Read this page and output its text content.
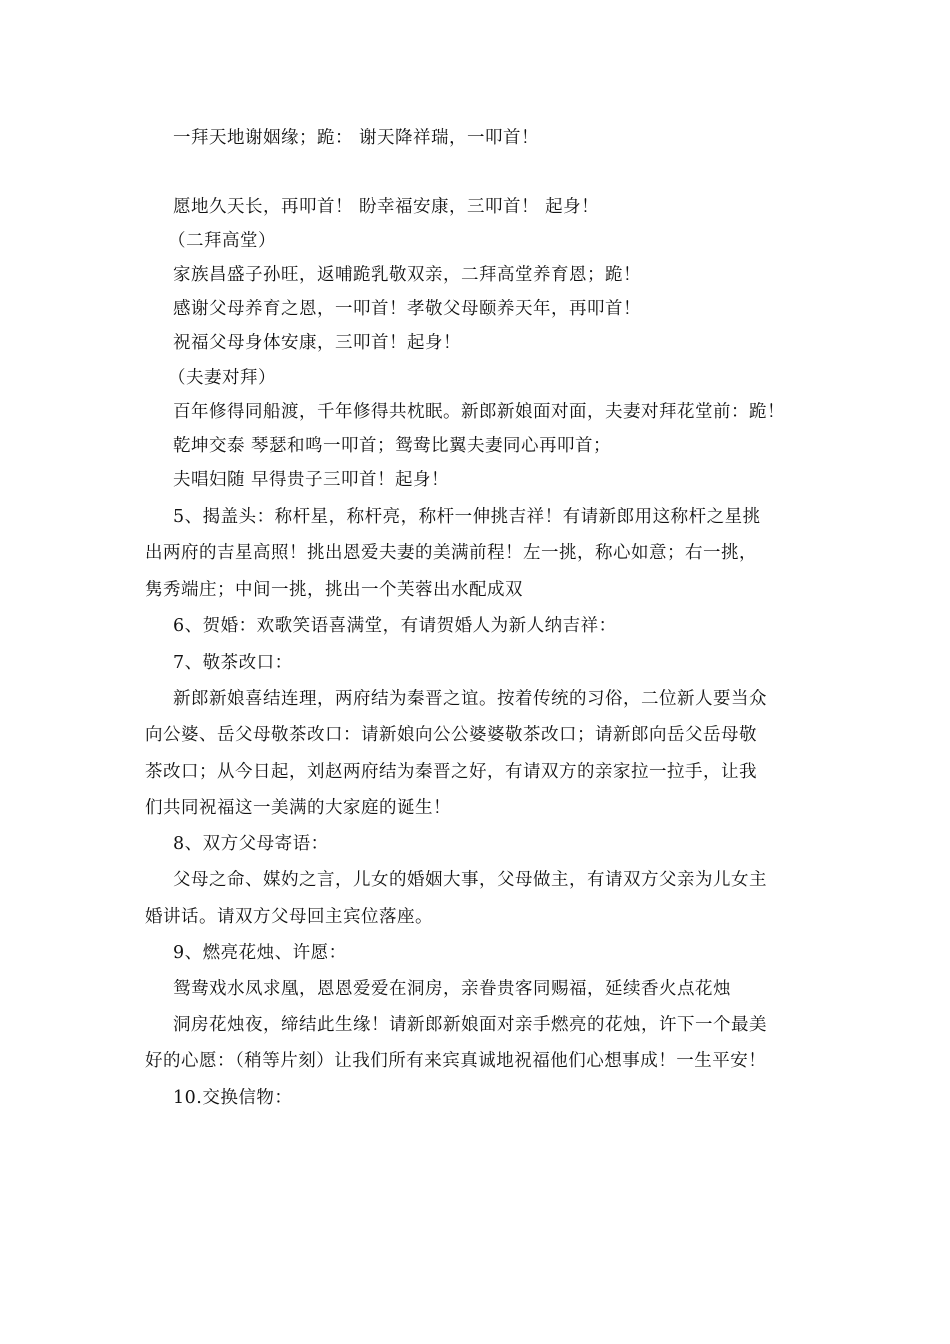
一拜天地谢姻缘；跪： 谢天降祥瑞，一叩首！
愿地久天长，再叩首！ 盼幸福安康，三叩首！ 起身！
（二拜高堂）
家族昌盛子孙旺，返哺跪乳敬双亲，二拜高堂养育恩；跪！
感谢父母养育之恩，一叩首！孝敬父母颐养天年，再叩首！
祝福父母身体安康，三叩首！起身！
（夫妻对拜）
百年修得同船渡，千年修得共枕眠。新郎新娘面对面，夫妻对拜花堂前：跪！
乾坤交泰 琴瑟和鸣一叩首；鸳鸯比翼夫妻同心再叩首；
夫唱妇随 早得贵子三叩首！起身！
5、揭盖头：称杆星，称杆亮，称杆一伸挑吉祥！有请新郎用这称杆之星挑
出两府的吉星高照！挑出恩爱夫妻的美满前程！左一挑，称心如意；右一挑，
隽秀端庄；中间一挑，挑出一个芙蓉出水配成双
6、贺婚：欢歌笑语喜满堂，有请贺婚人为新人纳吉祥：
7、敬茶改口：
新郎新娘喜结连理，两府结为秦晋之谊。按着传统的习俗，二位新人要当众
向公婆、岳父母敬茶改口：请新娘向公公婆婆敬茶改口；请新郎向岳父岳母敬
茶改口；从今日起，刘赵两府结为秦晋之好，有请双方的亲家拉一拉手，让我
们共同祝福这一美满的大家庭的诞生！
8、双方父母寄语：
父母之命、媒妁之言，儿女的婚姻大事，父母做主，有请双方父亲为儿女主
婚讲话。请双方父母回主宾位落座。
9、燃亮花烛、许愿：
鸳鸯戏水凤求凰，恩恩爱爱在洞房，亲眷贵客同赐福，延续香火点花烛
洞房花烛夜，缔结此生缘！请新郎新娘面对亲手燃亮的花烛，许下一个最美
好的心愿：（稍等片刻）让我们所有来宾真诚地祝福他们心想事成！一生平安！
10.交换信物：
